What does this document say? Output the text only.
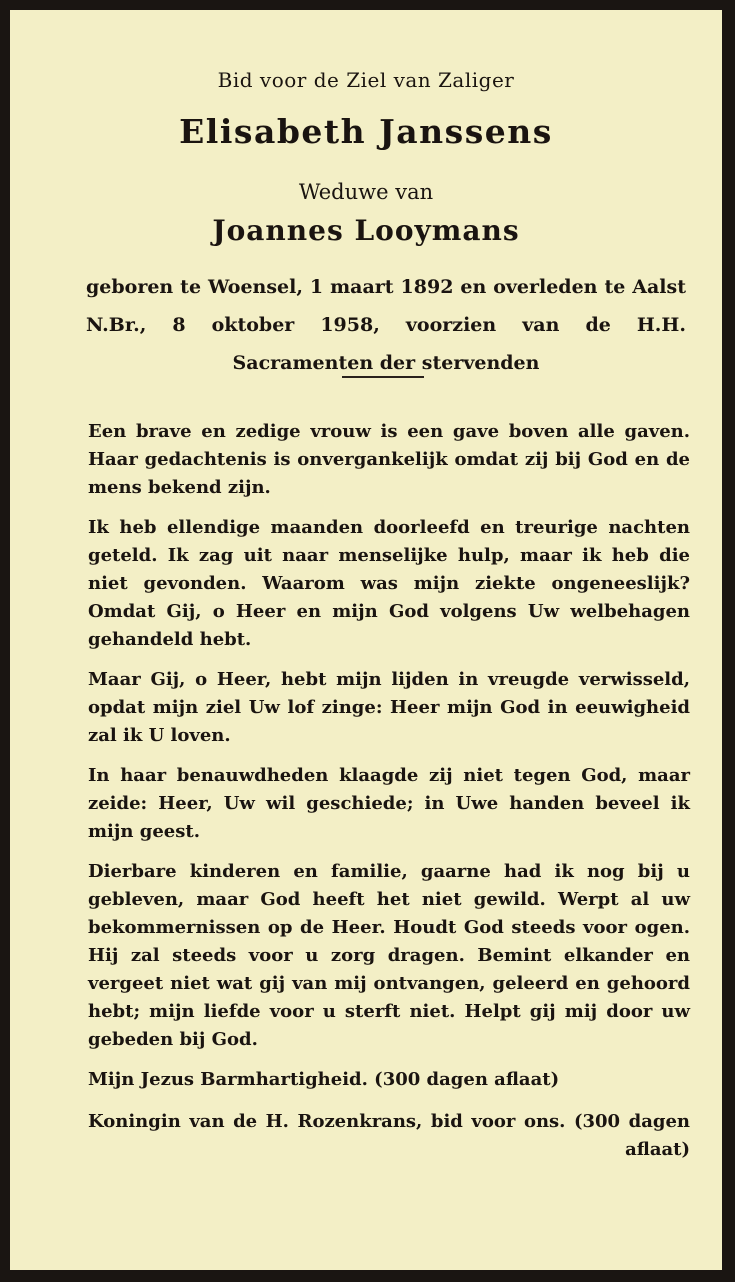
Bid voor de Ziel van Zaliger
Elisabeth Janssens
Weduwe van
Joannes Looymans
geboren te Woensel, 1 maart 1892 en overleden te Aalst N.Br., 8 oktober 1958, voorzien van de H.H. Sacramenten der stervenden

Een brave en zedige vrouw is een gave boven alle gaven. Haar gedachtenis is onvergankelijk omdat zij bij God en de mens bekend zijn.

Ik heb ellendige maanden doorleefd en treurige nachten geteld. Ik zag uit naar menselijke hulp, maar ik heb die niet gevonden. Waarom was mijn ziekte ongeneeslijk? Omdat Gij, o Heer en mijn God volgens Uw welbehagen gehandeld hebt.

Maar Gij, o Heer, hebt mijn lijden in vreugde verwisseld, opdat mijn ziel Uw lof zinge: Heer mijn God in eeuwigheid zal ik U loven.

In haar benauwdheden klaagde zij niet tegen God, maar zeide: Heer, Uw wil geschiede; in Uwe handen beveel ik mijn geest.

Dierbare kinderen en familie, gaarne had ik nog bij u gebleven, maar God heeft het niet gewild. Werpt al uw bekommernissen op de Heer. Houdt God steeds voor ogen. Hij zal steeds voor u zorg dragen. Bemint elkander en vergeet niet wat gij van mij ontvangen, geleerd en gehoord hebt; mijn liefde voor u sterft niet. Helpt gij mij door uw gebeden bij God.

Mijn Jezus Barmhartigheid. (300 dagen aflaat)

Koningin van de H. Rozenkrans, bid voor ons. (300 dagen aflaat)
